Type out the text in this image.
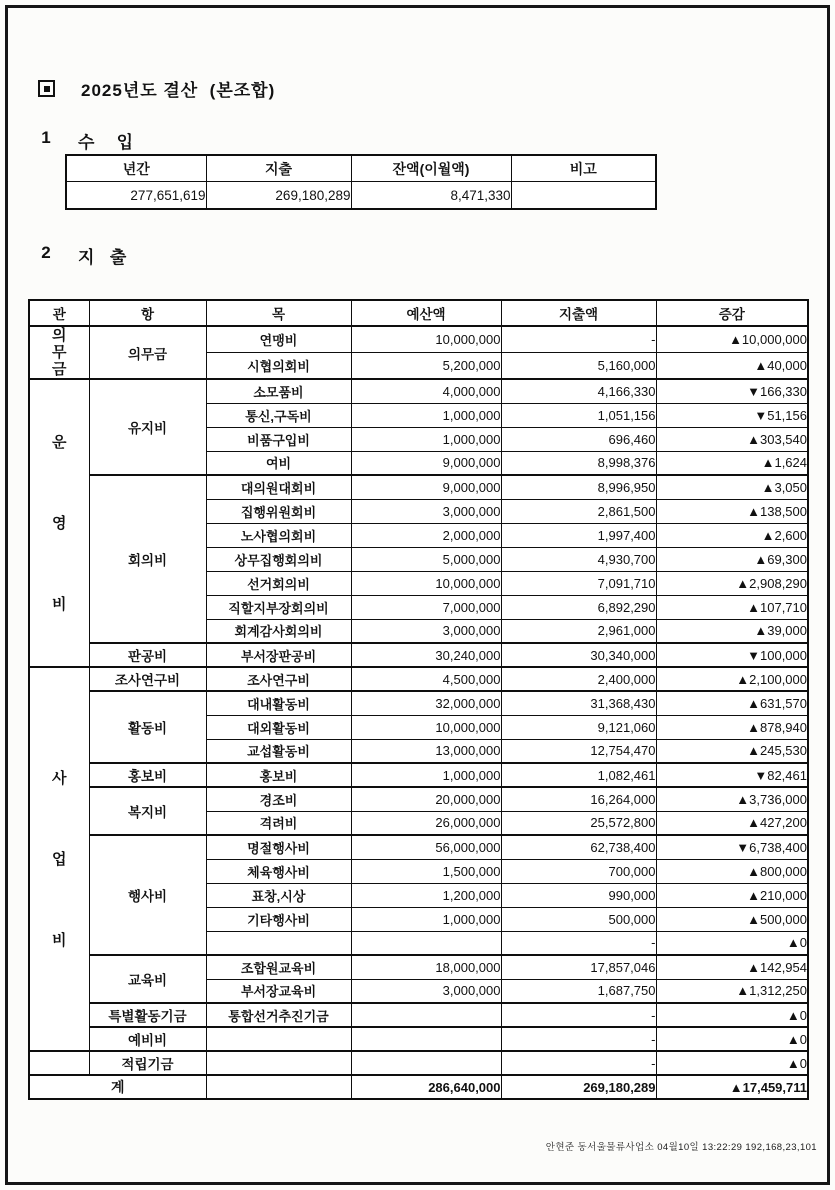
2025년도 결산  (본조합)
1 수   입
년간	지출	잔액(이월액)	비고
277,651,619	269,180,289	8,471,330	
2 지  출
관	항	목	예산액	지출액	증감

의
무
금	의무금	연맹비	10,000,000	-	▲10,000,000
		시협의회비	5,200,000	5,160,000	▲40,000

운
영
비	유지비	소모품비	4,000,000	4,166,330	▼166,330
		통신,구독비	1,000,000	1,051,156	▼51,156
		비품구입비	1,000,000	696,460	▲303,540
		여비	9,000,000	8,998,376	▲1,624
	회의비	대의원대회비	9,000,000	8,996,950	▲3,050
		집행위원회비	3,000,000	2,861,500	▲138,500
		노사협의회비	2,000,000	1,997,400	▲2,600
		상무집행회의비	5,000,000	4,930,700	▲69,300
		선거회의비	10,000,000	7,091,710	▲2,908,290
		직할지부장회의비	7,000,000	6,892,290	▲107,710
		회계감사회의비	3,000,000	2,961,000	▲39,000
	판공비	부서장판공비	30,240,000	30,340,000	▼100,000

사
업
비	조사연구비	조사연구비	4,500,000	2,400,000	▲2,100,000
	활동비	대내활동비	32,000,000	31,368,430	▲631,570
		대외활동비	10,000,000	9,121,060	▲878,940
		교섭활동비	13,000,000	12,754,470	▲245,530
	홍보비	홍보비	1,000,000	1,082,461	▼82,461
	복지비	경조비	20,000,000	16,264,000	▲3,736,000
		격려비	26,000,000	25,572,800	▲427,200
	행사비	명절행사비	56,000,000	62,738,400	▼6,738,400
		체육행사비	1,500,000	700,000	▲800,000
		표창,시상	1,200,000	990,000	▲210,000
		기타행사비	1,000,000	500,000	▲500,000
				-	▲0
	교육비	조합원교육비	18,000,000	17,857,046	▲142,954
		부서장교육비	3,000,000	1,687,750	▲1,312,250
	특별활동기금	통합선거추진기금		-	▲0
	예비비			-	▲0

	적립기금			-	▲0
계			286,640,000	269,180,289	▲17,459,711
안현준 동서울물류사업소 04월10일 13:22:29 192,168,23,101
